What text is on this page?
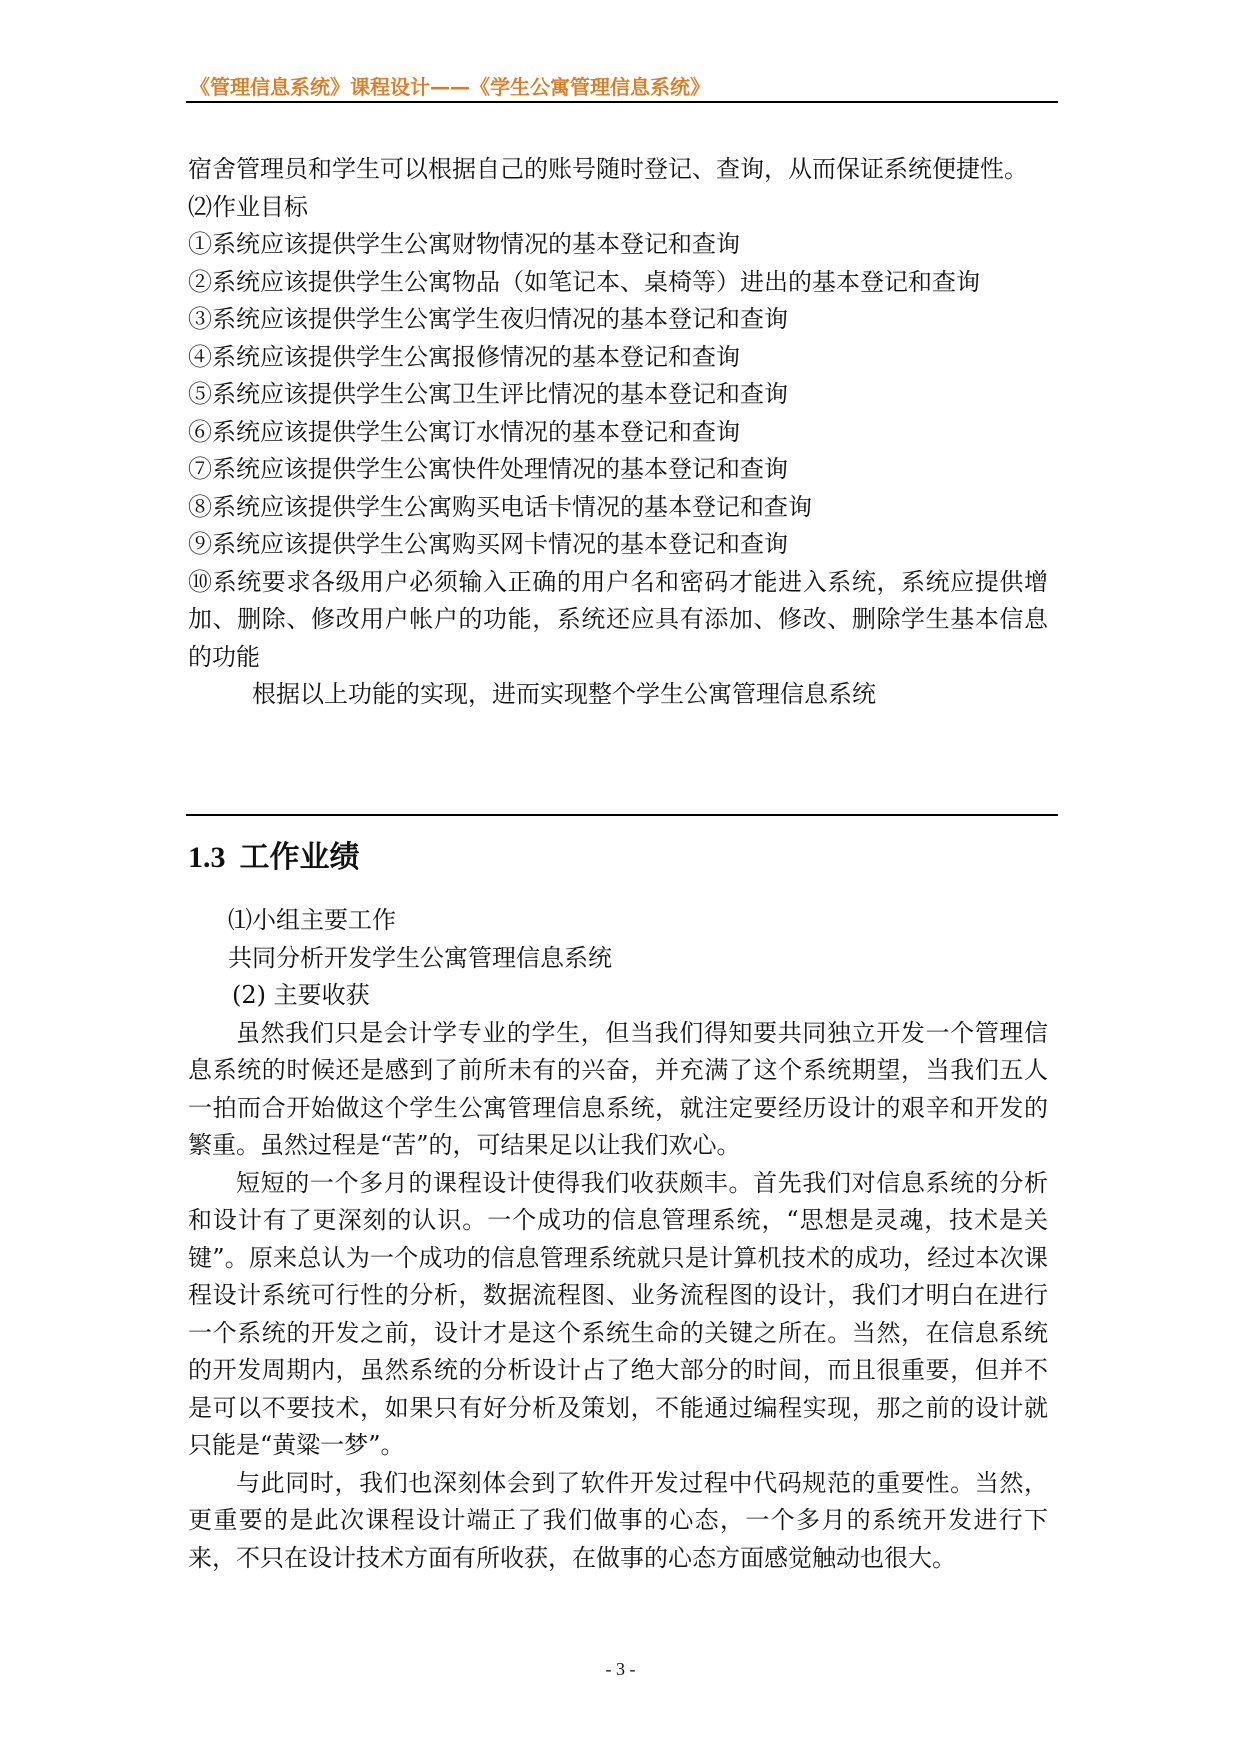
《管理信息系统》课程设计——《学生公寓管理信息系统》

宿舍管理员和学生可以根据自己的账号随时登记、查询，从而保证系统便捷性。

⑵作业目标

①系统应该提供学生公寓财物情况的基本登记和查询

②系统应该提供学生公寓物品（如笔记本、桌椅等）进出的基本登记和查询

③系统应该提供学生公寓学生夜归情况的基本登记和查询

④系统应该提供学生公寓报修情况的基本登记和查询

⑤系统应该提供学生公寓卫生评比情况的基本登记和查询

⑥系统应该提供学生公寓订水情况的基本登记和查询

⑦系统应该提供学生公寓快件处理情况的基本登记和查询

⑧系统应该提供学生公寓购买电话卡情况的基本登记和查询

⑨系统应该提供学生公寓购买网卡情况的基本登记和查询

⑩系统要求各级用户必须输入正确的用户名和密码才能进入系统，系统应提供增加、删除、修改用户帐户的功能，系统还应具有添加、修改、删除学生基本信息的功能

根据以上功能的实现，进而实现整个学生公寓管理信息系统

1.3 工作业绩

⑴小组主要工作

共同分析开发学生公寓管理信息系统

(2) 主要收获

虽然我们只是会计学专业的学生，但当我们得知要共同独立开发一个管理信息系统的时候还是感到了前所未有的兴奋，并充满了这个系统期望，当我们五人一拍而合开始做这个学生公寓管理信息系统，就注定要经历设计的艰辛和开发的繁重。虽然过程是“苦”的，可结果足以让我们欢心。

短短的一个多月的课程设计使得我们收获颇丰。首先我们对信息系统的分析和设计有了更深刻的认识。一个成功的信息管理系统，“思想是灵魂，技术是关键”。原来总认为一个成功的信息管理系统就只是计算机技术的成功，经过本次课程设计系统可行性的分析，数据流程图、业务流程图的设计，我们才明白在进行一个系统的开发之前，设计才是这个系统生命的关键之所在。当然，在信息系统的开发周期内，虽然系统的分析设计占了绝大部分的时间，而且很重要，但并不是可以不要技术，如果只有好分析及策划，不能通过编程实现，那之前的设计就只能是“黄粱一梦”。

与此同时，我们也深刻体会到了软件开发过程中代码规范的重要性。当然，更重要的是此次课程设计端正了我们做事的心态，一个多月的系统开发进行下来，不只在设计技术方面有所收获，在做事的心态方面感觉触动也很大。

- 3 -
